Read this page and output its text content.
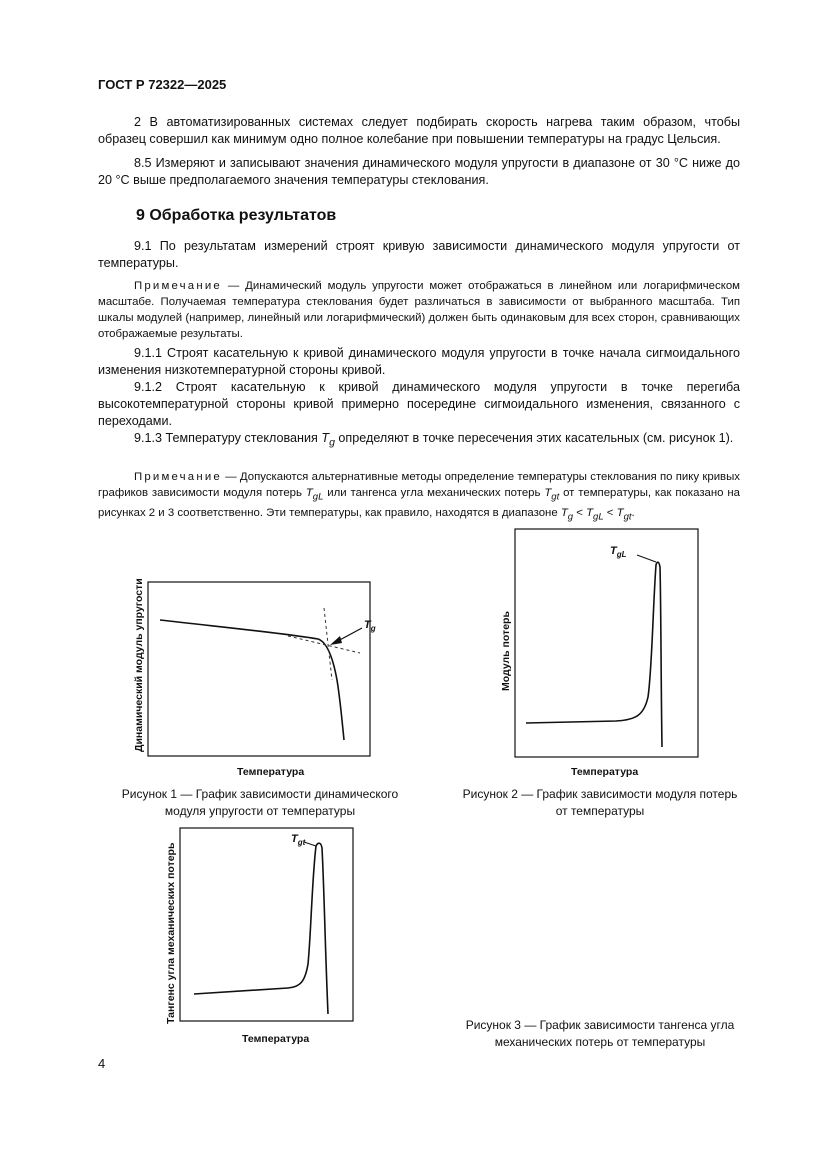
ГОСТ Р 72322—2025
2 В автоматизированных системах следует подбирать скорость нагрева таким образом, чтобы образец совершил как минимум одно полное колебание при повышении температуры на градус Цельсия.
8.5 Измеряют и записывают значения динамического модуля упругости в диапазоне от 30 °C ниже до 20 °C выше предполагаемого значения температуры стеклования.
9 Обработка результатов
9.1 По результатам измерений строят кривую зависимости динамического модуля упругости от температуры.
Примечание — Динамический модуль упругости может отображаться в линейном или логарифмическом масштабе. Получаемая температура стеклования будет различаться в зависимости от выбранного масштаба. Тип шкалы модулей (например, линейный или логарифмический) должен быть одинаковым для всех сторон, сравнивающих отображаемые результаты.
9.1.1 Строят касательную к кривой динамического модуля упругости в точке начала сигмоидального изменения низкотемпературной стороны кривой.
9.1.2 Строят касательную к кривой динамического модуля упругости в точке перегиба высокотемпературной стороны кривой примерно посередине сигмоидального изменения, связанного с переходами.
9.1.3 Температуру стеклования $T_g$ определяют в точке пересечения этих касательных (см. рисунок 1).
Примечание — Допускаются альтернативные методы определение температуры стеклования по пику кривых графиков зависимости модуля потерь $T_{gL}$ или тангенса угла механических потерь $T_{gt}$ от температуры, как показано на рисунках 2 и 3 соответственно. Эти температуры, как правило, находятся в диапазоне $T_g < T_{gL} < T_{gt}$.
Динамический модуль упругости	$T_g$
Температура
Рисунок 1 — График зависимости динамического
модуля упругости от температуры
Модуль потерь
$T_{gL}$
Температура
Рисунок 2 — График зависимости модуля потерь
от температуры
Тангенс угла механических потерь
$T_{gt}$
Температура
Рисунок 3 — График зависимости тангенса угла
механических потерь от температуры
4
